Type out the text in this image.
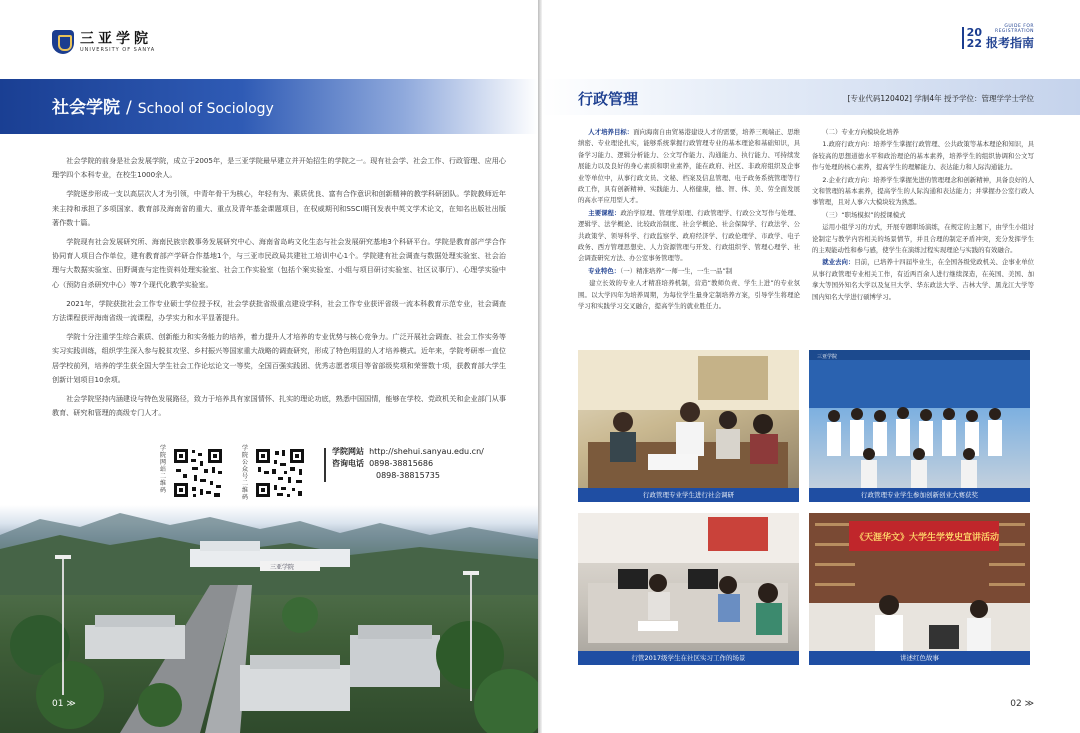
三亚学院
UNIVERSITY OF SANYA
社会学院 / School of Sociology

社会学院的前身是社会发展学院，成立于2005年，是三亚学院最早建立并开始招生的学院之一。现有社会学、社会工作、行政管理、应用心理学四个本科专业，在校生1000余人。

学院逐步形成一支以高层次人才为引领，中青年骨干为核心，年轻有为、素质优良、富有合作意识和创新精神的教学科研团队。学院教师近年来主持和承担了多项国家、教育部及海南省的重大、重点及青年基金课题项目，在权威期刊和SSCI期刊发表中英文学术论文，在知名出版社出版著作数十篇。

学院现有社会发展研究所、海南民族宗教事务发展研究中心、海南省岛屿文化生态与社会发展研究基地3个科研平台。学院是教育部产学合作协同育人项目合作单位，建有教育部产学研合作基地1个，与三亚市民政局共建社工培训中心1个。学院建有社会调查与数据处理实验室、社会治理与大数据实验室、田野调查与定性资料处理实验室、社会工作实验室（包括个案实验室、小组与项目研讨实验室、社区议事厅）、心理学实验中心（预防自杀研究中心）等7个现代化教学实验室。

2021年，学院获批社会工作专业硕士学位授予权，社会学获批省级重点建设学科，社会工作专业获评省级一流本科教育示范专业，社会调查方法课程获评海南省级一流课程，办学实力和水平显著提升。

学院十分注重学生综合素质、创新能力和实务能力的培养，着力提升人才培养的专业优势与核心竞争力。广泛开展社会调查、社会工作实务等实习实践训练，组织学生深入参与脱贫攻坚、乡村振兴等国家重大战略的调查研究，形成了特色明显的人才培养模式。近年来，学院考研率一直位居学校前列，培养的学生获全国大学生社会工作论坛论文一等奖，全国百强实践团、优秀志愿者项目等省部级奖项和荣誉数十项，获教育部大学生创新计划项目10余项。

社会学院坚持内涵建设与特色发展路径，致力于培养具有家国情怀、扎实的理论功底，熟悉中国国情，能够在学校、党政机关和企业部门从事教育、研究和管理的高级专门人才。

学院网站二维码
学院公众号二维码
学院网站 http://shehui.sanyau.edu.cn/
咨询电话 0898-38815686
0898-38815735
三亚学院
01 ≫
20
22
GUIDE FOR
REGISTRATION
报考指南
行政管理	[专业代码120402] 学制4年 授予学位：管理学学士学位

人才培养目标：面向海南自由贸易港建设人才的需要，培养三观端正、思维缜密、专业理论扎实，能够系统掌握行政管理专业的基本理论和基础知识，具备学习能力、逻辑分析能力、公文写作能力、沟通能力、执行能力、可持续发展能力以及良好的身心素质和职业素养，能在政府、社区、非政府组织及企事业等单位中，从事行政文员、文秘、档案及信息管理、电子政务系统管理等行政工作，具有创新精神、实践能力、人格健康，德、智、体、美、劳全面发展的高水平应用型人才。

主要课程：政治学原理、管理学原理、行政管理学、行政公文写作与处理、逻辑学、法学概论、比较政治制度、社会学概论、社会保障学、行政法学、公共政策学、领导科学、行政监察学、政府经济学、行政伦理学、市政学、电子政务、西方管理思想史、人力资源管理与开发、行政组织学、管理心理学、社会调查研究方法、办公室事务管理等。

专业特色：（一）精准培养“一师一生，一生一品”制

建立长效的专业人才精准培养机制，营造“教师负责、学生上进”的专业氛围。以大学四年为培养周期，为每位学生量身定制培养方案，引导学生将理论学习和实践学习交叉融合，提高学生的就业胜任力。

（二）专业方向模块化培养

1.政府行政方向：培养学生掌握行政管理、公共政策等基本理论和知识，具备较高的思想道德水平和政治理论的基本素养，培养学生的组织协调和公文写作与处理的核心素养，提高学生的理解能力、表达能力和人际沟通能力。

2.企业行政方向：培养学生掌握先进的管理理念和创新精神，具备良好的人文和管理的基本素养，提高学生的人际沟通和表达能力；并掌握办公室行政人事管理，且对人事六大模块较为熟悉。

（三）“职场模拟”的授课模式

运用小组学习的方式，开展专题职场演练，在规定的主题下，由学生小组讨论制定与教学内容相关的场景情节，并且合理的制定矛盾冲突，充分发挥学生的主观能动性和参与感，使学生在演练过程实现理论与实践的有效融合。

就业去向：目前，已培养十四届毕业生，在全国各级党政机关、企事业单位从事行政管理专业相关工作，有近两百余人进行继续深造，在英国、美国、加拿大等国外知名大学以及复旦大学、华东政法大学、吉林大学、黑龙江大学等国内知名大学进行硕博学习。

行政管理专业学生进行社会调研
三亚学院
行政管理专业学生参加创新创业大赛获奖
行管2017级学生在社区实习工作的场景
《天涯华文》大学生学党史宣讲活动
讲述红色故事
02 ≫
